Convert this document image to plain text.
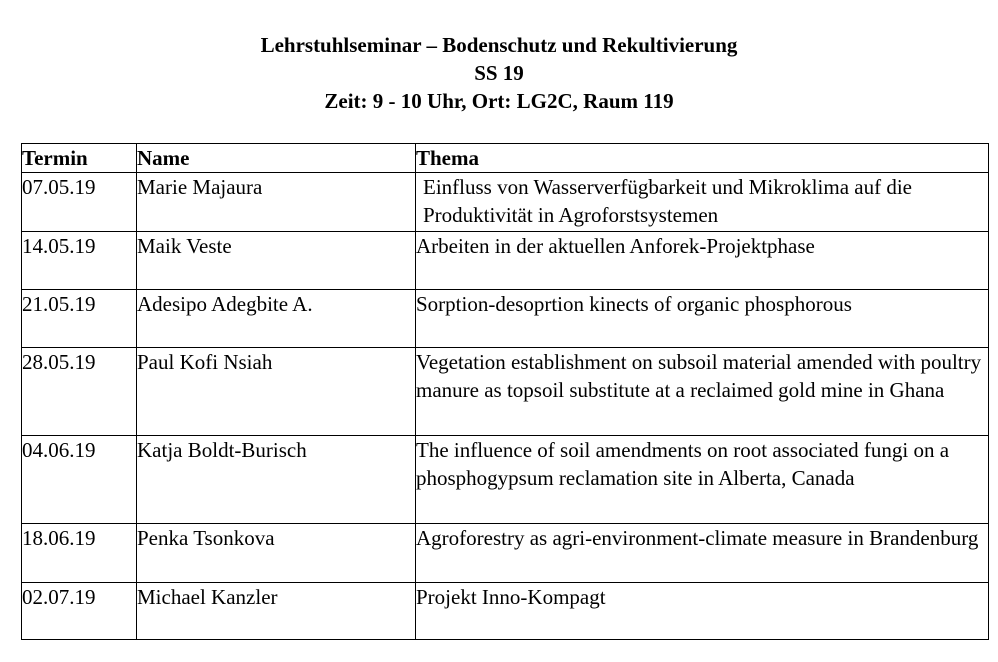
Lehrstuhlseminar – Bodenschutz und Rekultivierung
SS 19
Zeit: 9 - 10 Uhr, Ort: LG2C, Raum 119
Termin	Name	Thema
07.05.19	Marie Majaura	Einfluss von Wasserverfügbarkeit und Mikroklima auf die Produktivität in Agroforstsystemen
14.05.19	Maik Veste	Arbeiten in der aktuellen Anforek-Projektphase
21.05.19	Adesipo Adegbite A.	Sorption-desoprtion kinects of organic phosphorous
28.05.19	Paul Kofi Nsiah	Vegetation establishment on subsoil material amended with poultry manure as topsoil substitute at a reclaimed gold mine in Ghana
04.06.19	Katja Boldt-Burisch	The influence of soil amendments on root associated fungi on a phosphogypsum reclamation site in Alberta, Canada
18.06.19	Penka Tsonkova	Agroforestry as agri-environment-climate measure in Brandenburg
02.07.19	Michael Kanzler	Projekt Inno-Kompagt
